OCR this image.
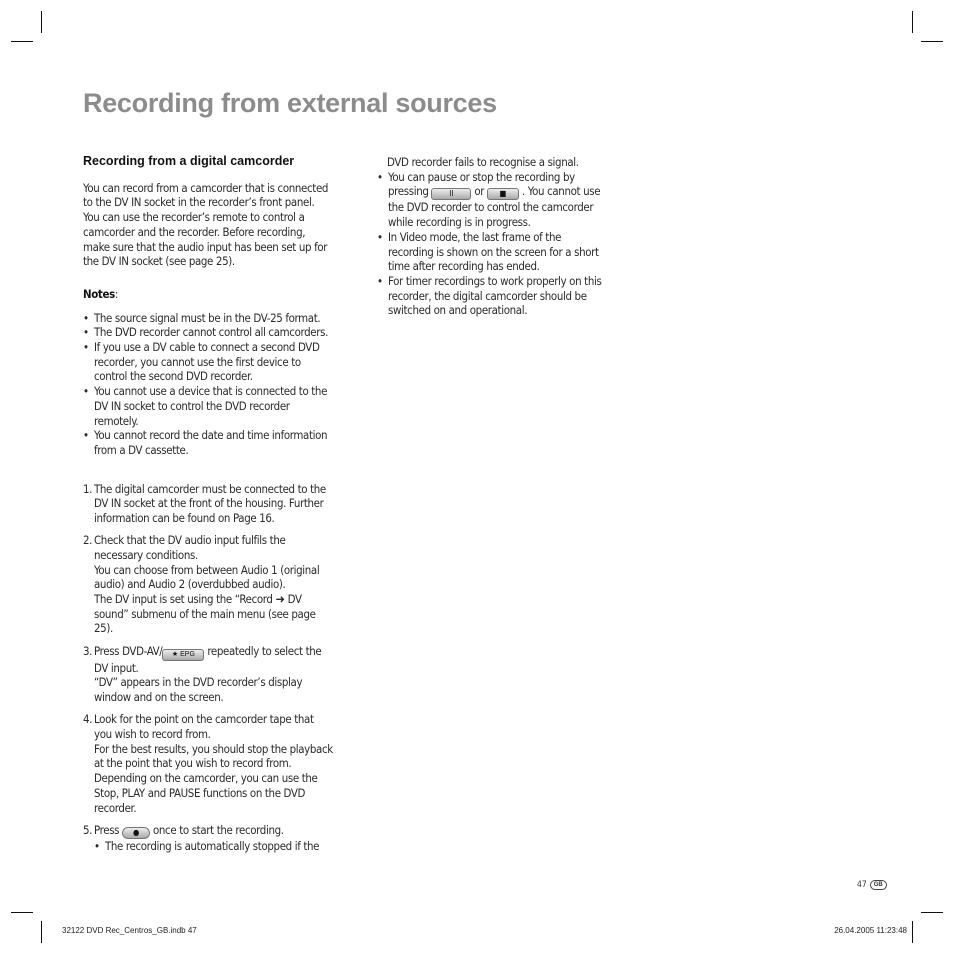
Recording from external sources
Recording from a digital camcorder

You can record from a camcorder that is connected to the DV IN socket in the recorder’s front panel. You can use the recorder’s remote to control a camcorder and the recorder. Before recording, make sure that the audio input has been set up for the DV IN socket (see page 25).

Notes:

• The source signal must be in the DV-25 format.
• The DVD recorder cannot control all camcorders.
• If you use a DV cable to connect a second DVD recorder, you cannot use the first device to control the second DVD recorder.
• You cannot use a device that is connected to the DV IN socket to control the DVD recorder remotely.
• You cannot record the date and time information from a DV cassette.
1. The digital camcorder must be connected to the DV IN socket at the front of the housing. Further information can be found on Page 16.
2. Check that the DV audio input fulfils the necessary conditions.
You can choose from between Audio 1 (original audio) and Audio 2 (overdubbed audio).
The DV input is set using the “Record ➜ DV sound” submenu of the main menu (see page 25).
3. Press DVD-AV/ ★ EPG repeatedly to select the DV input.
“DV” appears in the DVD recorder’s display window and on the screen.
4. Look for the point on the camcorder tape that you wish to record from.
For the best results, you should stop the playback at the point that you wish to record from. Depending on the camcorder, you can use the Stop, PLAY and PAUSE functions on the DVD recorder.
5. Press ● once to start the recording.
• The recording is automatically stopped if the
DVD recorder fails to recognise a signal.
• You can pause or stop the recording by pressing II or ■ . You cannot use the DVD recorder to control the camcorder while recording is in progress.
• In Video mode, the last frame of the recording is shown on the screen for a short time after recording has ended.
• For timer recordings to work properly on this recorder, the digital camcorder should be switched on and operational.
47	GB
32122 DVD Rec_Centros_GB.indb 47	26.04.2005 11:23:48
